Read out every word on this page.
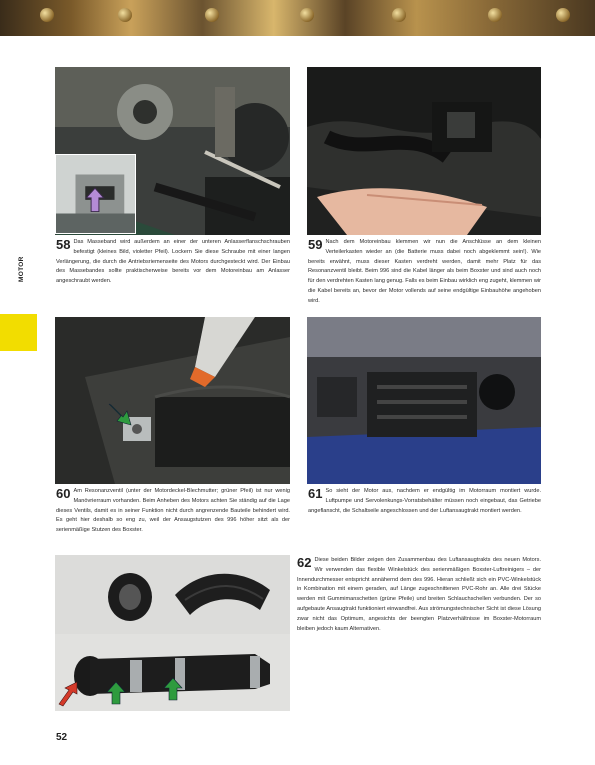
MOTOR
58 Das Masseband wird außerdem an einer der unteren Anlasserflanschschrauben befestigt (kleines Bild, violetter Pfeil). Lockern Sie diese Schraube mit einer langen Verlängerung, die durch die Antriebsriemenseite des Motors durchgesteckt wird. Der Einbau des Massebandes sollte praktischerweise bereits vor dem Motoreinbau am Anlasser angeschraubt werden.
59 Nach dem Motoreinbau klemmen wir nun die Anschlüsse an dem kleinen Verteilerkasten wieder an (die Batterie muss dabei noch abgeklemmt sein!). Wie bereits erwähnt, muss dieser Kasten verdreht werden, damit mehr Platz für das Resonanzventil bleibt. Beim 996 sind die Kabel länger als beim Boxster und sind auch noch für den verdrehten Kasten lang genug. Falls es beim Einbau wirklich eng zugeht, klemmen wir die Kabel bereits an, bevor der Motor vollends auf seine endgültige Einbauhöhe angehoben wird.
60 Am Resonanzventil (unter der Motordeckel-Blechmutter; grüner Pfeil) ist nur wenig Manövrierraum vorhanden. Beim Anheben des Motors achten Sie ständig auf die Lage dieses Ventils, damit es in seiner Funktion nicht durch angrenzende Bauteile behindert wird. Es geht hier deshalb so eng zu, weil der Ansaugstutzen des 996 höher sitzt als der serienmäßige Stutzen des Boxster.
61 So sieht der Motor aus, nachdem er endgültig im Motorraum montiert wurde. Luftpumpe und Servolenkungs-Vorratsbehälter müssen noch eingebaut, das Getriebe angeflanscht, die Schaltseile angeschlossen und der Luftansaugtrakt montiert werden.
62 Diese beiden Bilder zeigen den Zusammenbau des Luftansaugtrakts des neuen Motors. Wir verwenden das flexible Winkelstück des serienmäßigen Boxster-Luftreinigers – der Innendurchmesser entspricht annähernd dem des 996. Hieran schließt sich ein PVC-Winkelstück in Kombination mit einem geraden, auf Länge zugeschnittenen PVC-Rohr an. Alle drei Stücke werden mit Gummimanschetten (grüne Pfeile) und breiten Schlauchschellen verbunden. Der so aufgebaute Ansaugtrakt funktioniert einwandfrei. Aus strömungstechnischer Sicht ist diese Lösung zwar nicht das Optimum, angesichts der beengten Platzverhältnisse im Boxster-Motorraum bleiben jedoch kaum Alternativen.
52
